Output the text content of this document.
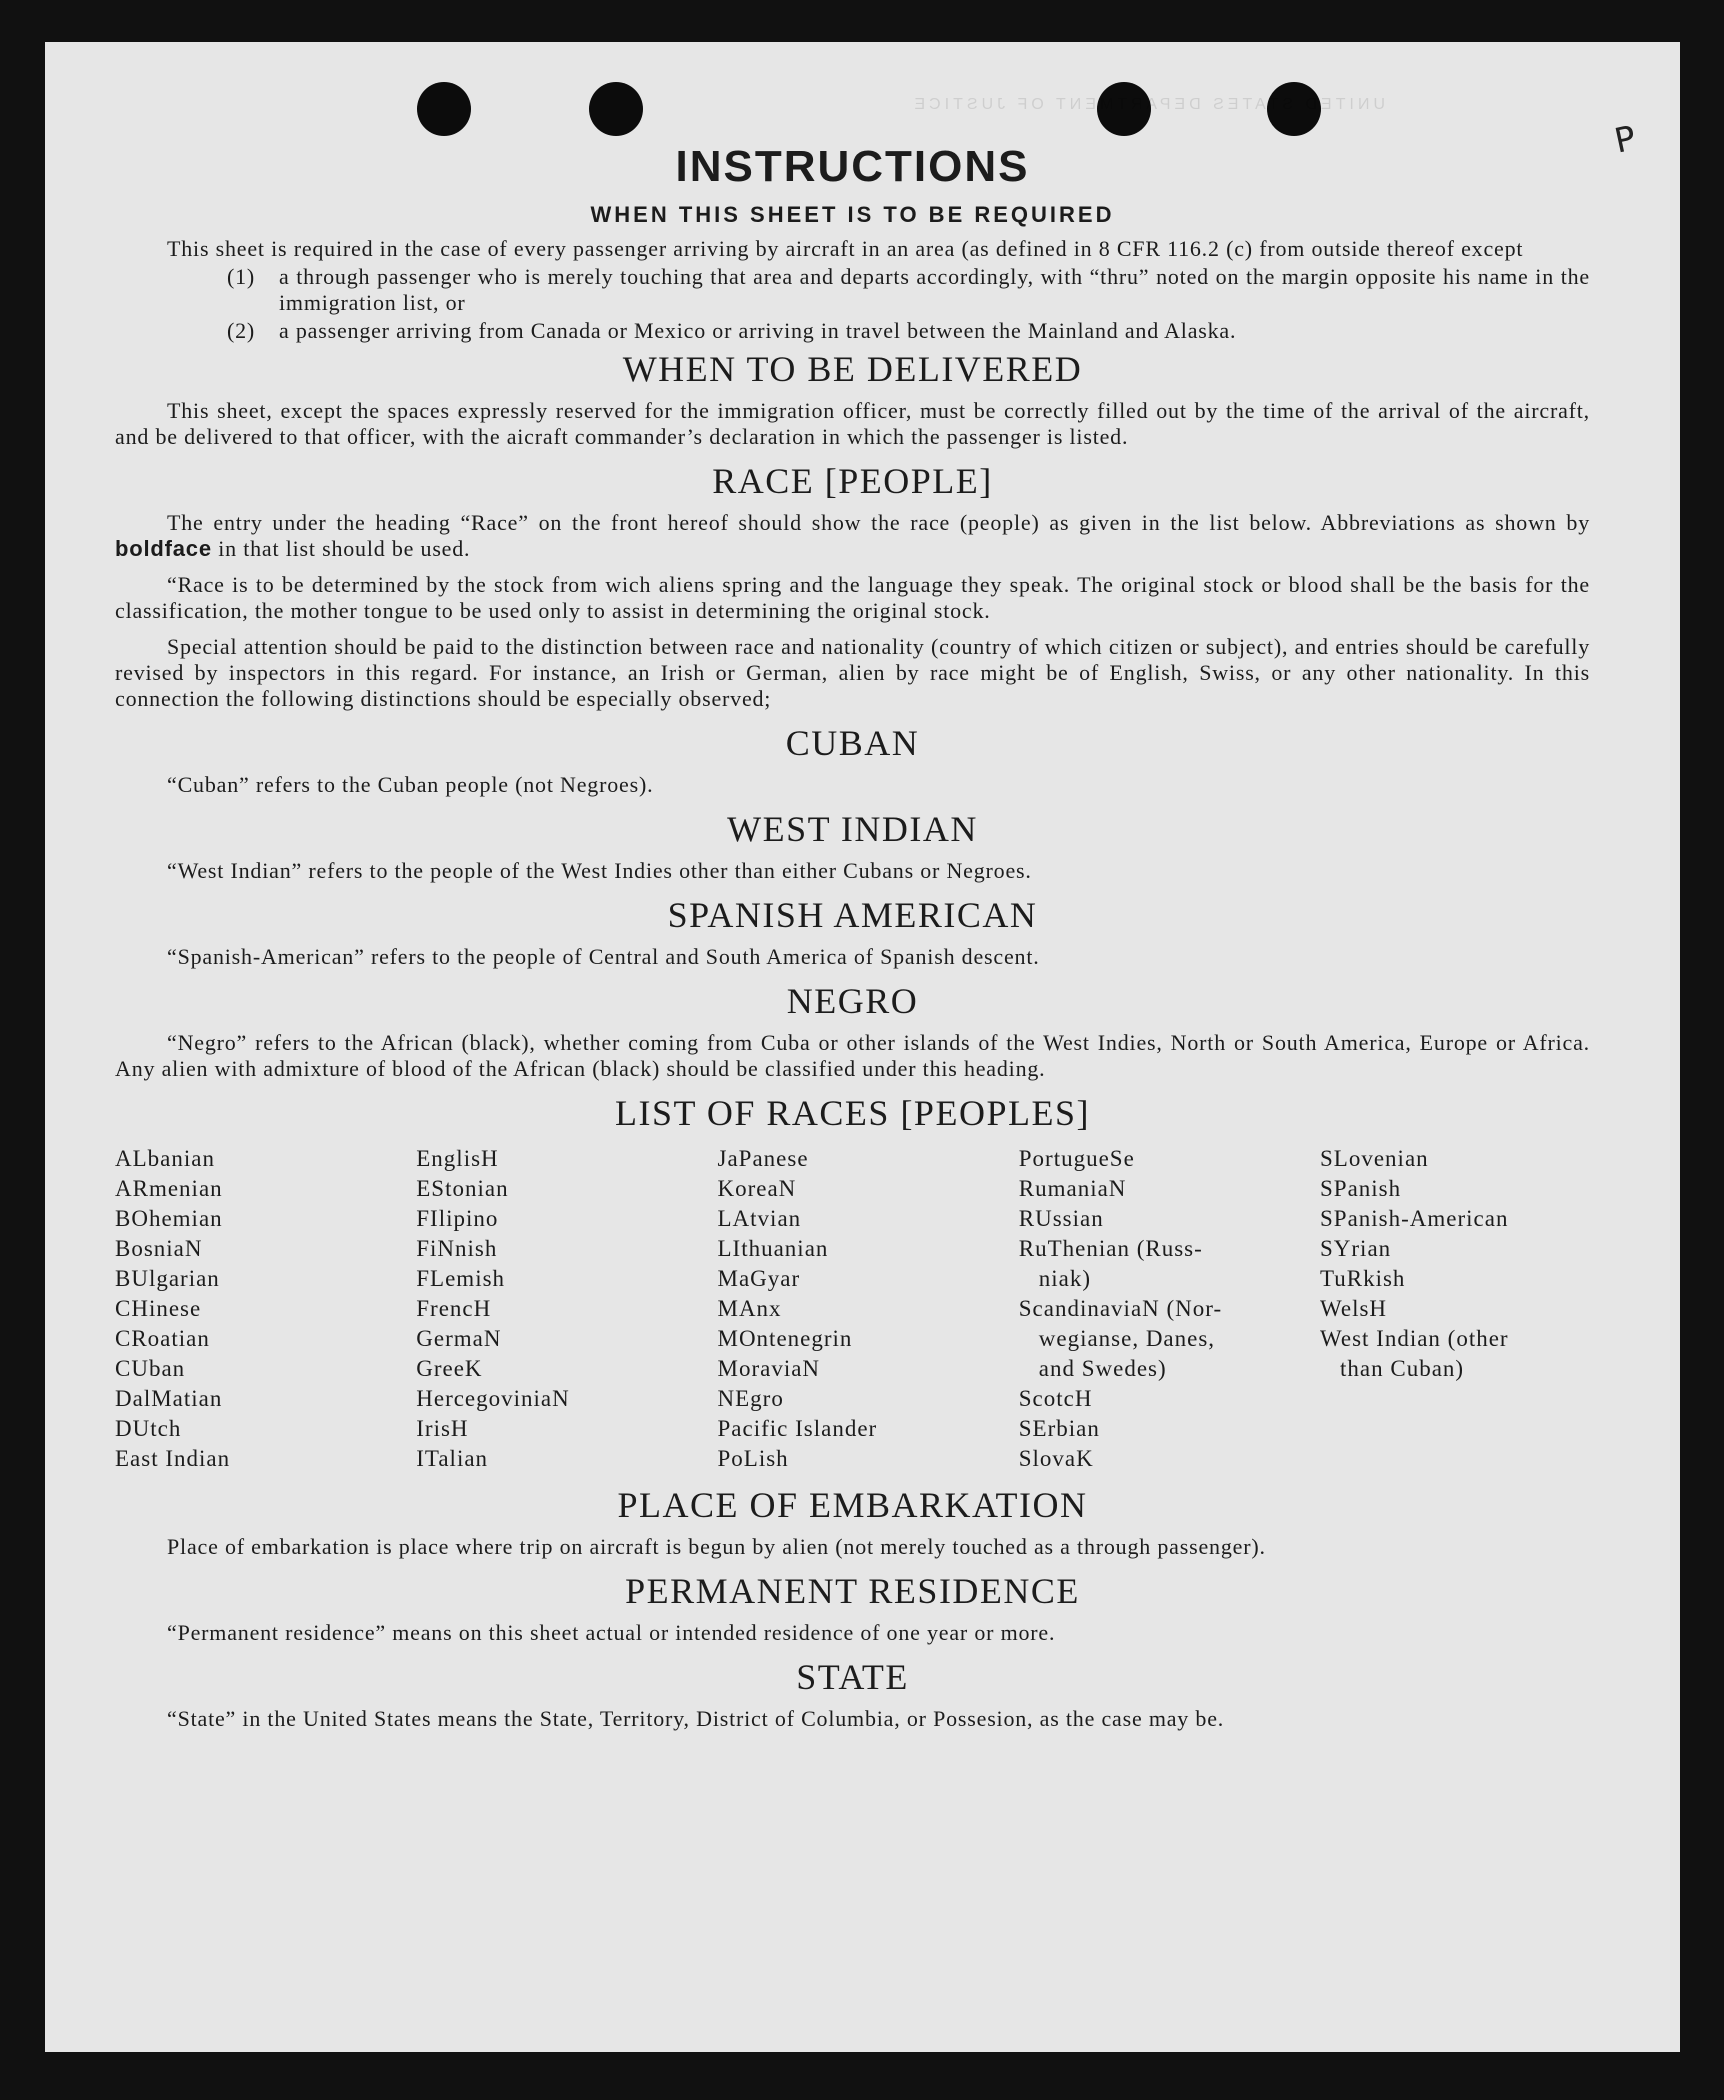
UNITED STATES DEPARTMENT OF JUSTICE
P
INSTRUCTIONS
WHEN THIS SHEET IS TO BE REQUIRED

This sheet is required in the case of every passenger arriving by aircraft in an area (as defined in 8 CFR 116.2 (c) from outside thereof except

(1)	a through passenger who is merely touching that area and departs accordingly, with “thru” noted on the margin opposite his name in the immigration list, or
(2)	a passenger arriving from Canada or Mexico or arriving in travel between the Mainland and Alaska.
WHEN TO BE DELIVERED

This sheet, except the spaces expressly reserved for the immigration officer, must be correctly filled out by the time of the arrival of the aircraft, and be delivered to that officer, with the aicraft commander’s declaration in which the passenger is listed.

RACE [PEOPLE]

The entry under the heading “Race” on the front hereof should show the race (people) as given in the list below. Abbreviations as shown by boldface in that list should be used.

“Race is to be determined by the stock from wich aliens spring and the language they speak. The original stock or blood shall be the basis for the classification, the mother tongue to be used only to assist in determining the original stock.

Special attention should be paid to the distinction between race and nationality (country of which citizen or subject), and entries should be carefully revised by inspectors in this regard. For instance, an Irish or German, alien by race might be of English, Swiss, or any other nationality. In this connection the following distinctions should be especially observed;

CUBAN

“Cuban” refers to the Cuban people (not Negroes).

WEST INDIAN

“West Indian” refers to the people of the West Indies other than either Cubans or Negroes.

SPANISH AMERICAN

“Spanish-American” refers to the people of Central and South America of Spanish descent.

NEGRO

“Negro” refers to the African (black), whether coming from Cuba or other islands of the West Indies, North or South America, Europe or Africa. Any alien with admixture of blood of the African (black) should be classified under this heading.

LIST OF RACES [PEOPLES]
ALbanian
ARmenian
BOhemian
BosniaN
BUlgarian
CHinese
CRoatian
CUban
DalMatian
DUtch
East Indian
EnglisH
EStonian
FIlipino
FiNnish
FLemish
FrencH
GermaN
GreeK
HercegoviniaN
IrisH
ITalian
JaPanese
KoreaN
LAtvian
LIthuanian
MaGyar
MAnx
MOntenegrin
MoraviaN
NEgro
Pacific Islander
PoLish
PortugueSe
RumaniaN
RUssian
RuThenian (Russ-
niak)
ScandinaviaN (Nor-
wegianse, Danes,
and Swedes)
ScotcH
SErbian
SlovaK
SLovenian
SPanish
SPanish-American
SYrian
TuRkish
WelsH
West Indian (other
than Cuban)
PLACE OF EMBARKATION

Place of embarkation is place where trip on aircraft is begun by alien (not merely touched as a through passenger).

PERMANENT RESIDENCE

“Permanent residence” means on this sheet actual or intended residence of one year or more.

STATE

“State” in the United States means the State, Territory, District of Columbia, or Possesion, as the case may be.
